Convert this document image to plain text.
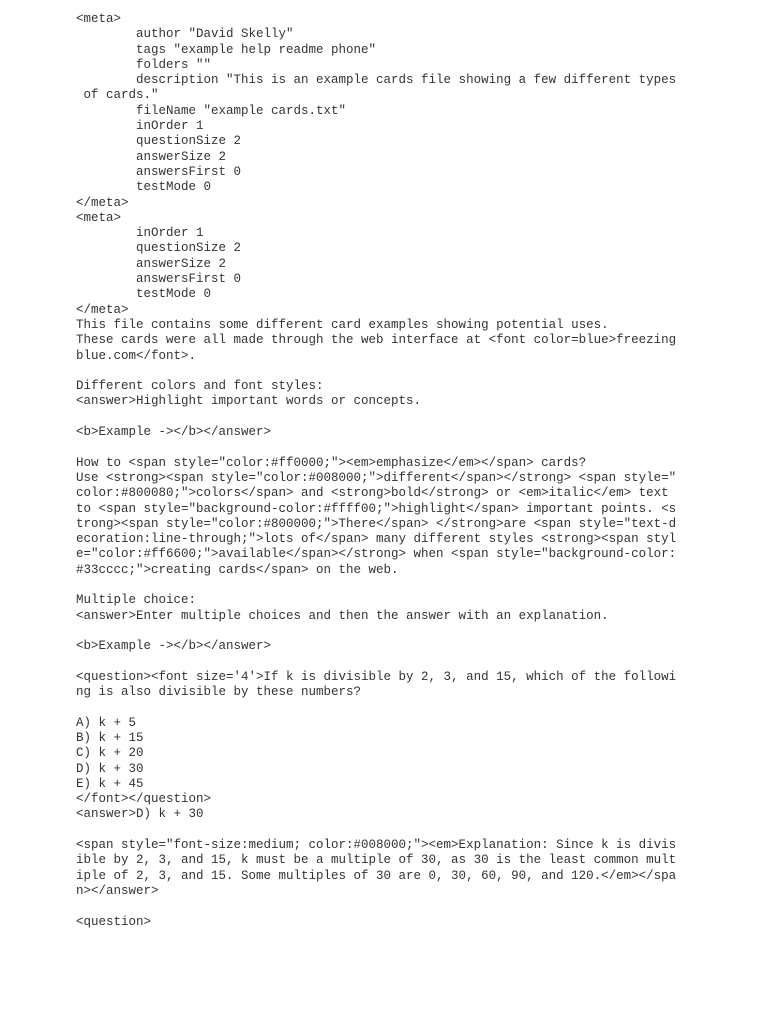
<meta>
author "David Skelly"
tags "example help readme phone"
folders ""
description "This is an example cards file showing a few different types
of cards."
fileName "example cards.txt"
inOrder 1
questionSize 2
answerSize 2
answersFirst 0
testMode 0
</meta>
<meta>
inOrder 1
questionSize 2
answerSize 2
answersFirst 0
testMode 0
</meta>
This file contains some different card examples showing potential uses.
These cards were all made through the web interface at <font color=blue>freezing
blue.com</font>.
Different colors and font styles:
<answer>Highlight important words or concepts.
<b>Example -></b></answer>
How to <span style="color:#ff0000;"><em>emphasize</em></span> cards?
Use <strong><span style="color:#008000;">different</span></strong> <span style="
color:#800080;">colors</span> and <strong>bold</strong> or <em>italic</em> text
to <span style="background-color:#ffff00;">highlight</span> important points. <s
trong><span style="color:#800000;">There</span> </strong>are <span style="text-d
ecoration:line-through;">lots of</span> many different styles <strong><span styl
e="color:#ff6600;">available</span></strong> when <span style="background-color:
#33cccc;">creating cards</span> on the web.
Multiple choice:
<answer>Enter multiple choices and then the answer with an explanation.
<b>Example -></b></answer>
<question><font size='4'>If k is divisible by 2, 3, and 15, which of the followi
ng is also divisible by these numbers?
A) k + 5
B) k + 15
C) k + 20
D) k + 30
E) k + 45
</font></question>
<answer>D) k + 30
<span style="font-size:medium; color:#008000;"><em>Explanation: Since k is divis
ible by 2, 3, and 15, k must be a multiple of 30, as 30 is the least common mult
iple of 2, 3, and 15. Some multiples of 30 are 0, 30, 60, 90, and 120.</em></spa
n></answer>
<question>
